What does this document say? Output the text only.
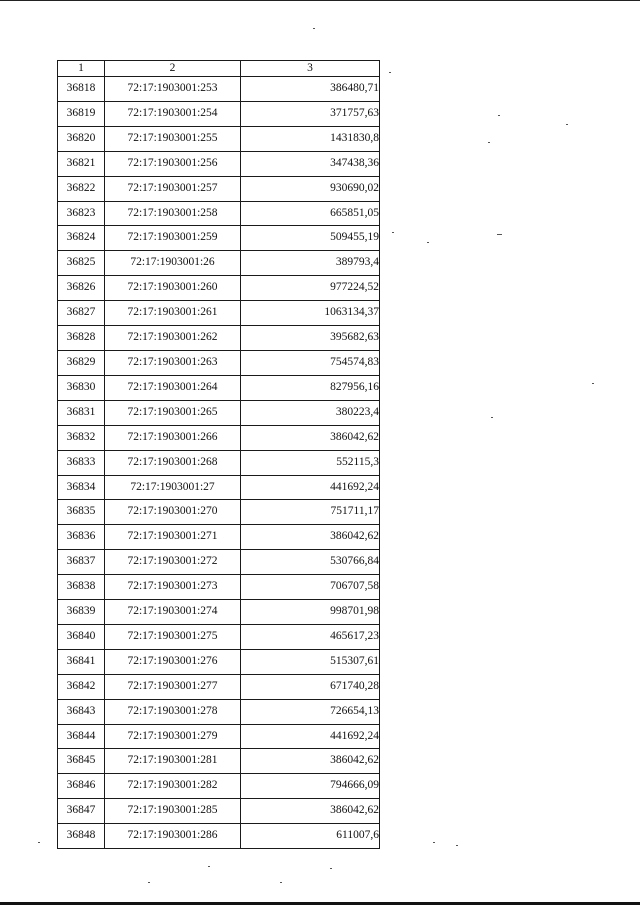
1	2	3
36818	72:17:1903001:253	386480,71
36819	72:17:1903001:254	371757,63
36820	72:17:1903001:255	1431830,8
36821	72:17:1903001:256	347438,36
36822	72:17:1903001:257	930690,02
36823	72:17:1903001:258	665851,05
36824	72:17:1903001:259	509455,19
36825	72:17:1903001:26	389793,4
36826	72:17:1903001:260	977224,52
36827	72:17:1903001:261	1063134,37
36828	72:17:1903001:262	395682,63
36829	72:17:1903001:263	754574,83
36830	72:17:1903001:264	827956,16
36831	72:17:1903001:265	380223,4
36832	72:17:1903001:266	386042,62
36833	72:17:1903001:268	552115,3
36834	72:17:1903001:27	441692,24
36835	72:17:1903001:270	751711,17
36836	72:17:1903001:271	386042,62
36837	72:17:1903001:272	530766,84
36838	72:17:1903001:273	706707,58
36839	72:17:1903001:274	998701,98
36840	72:17:1903001:275	465617,23
36841	72:17:1903001:276	515307,61
36842	72:17:1903001:277	671740,28
36843	72:17:1903001:278	726654,13
36844	72:17:1903001:279	441692,24
36845	72:17:1903001:281	386042,62
36846	72:17:1903001:282	794666,09
36847	72:17:1903001:285	386042,62
36848	72:17:1903001:286	611007,6
